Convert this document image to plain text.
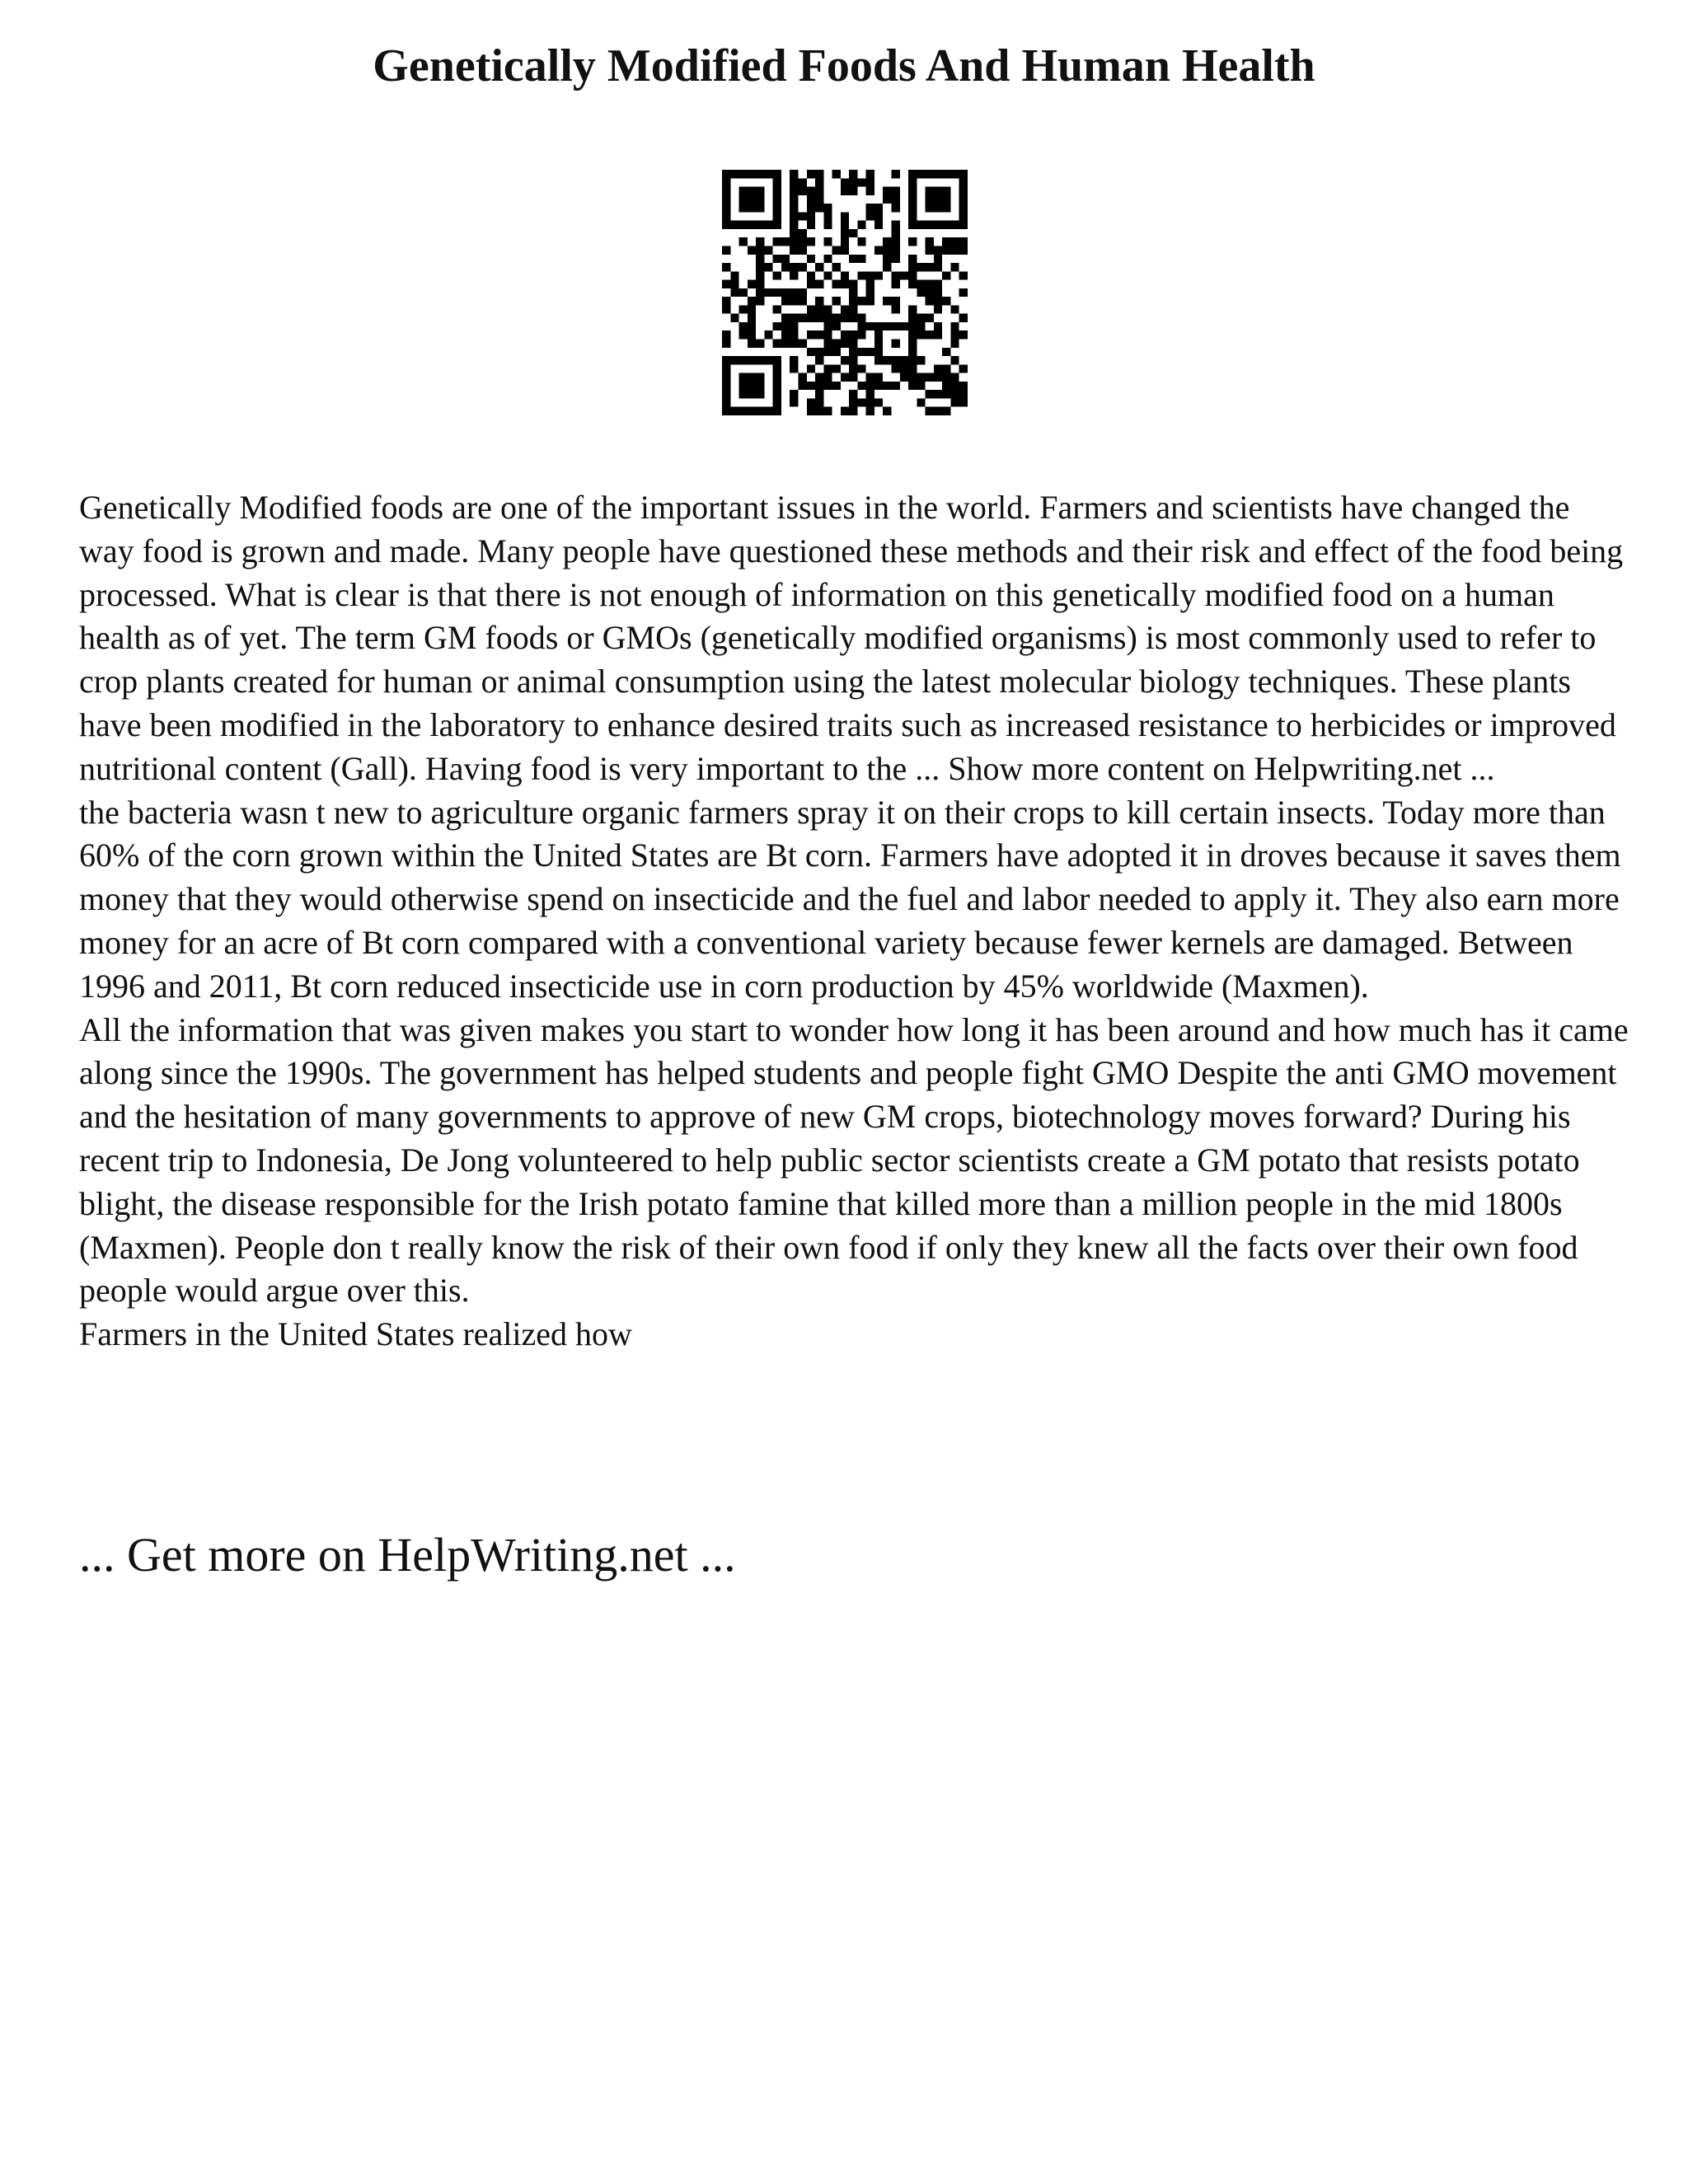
Genetically Modified Foods And Human Health

Genetically Modified foods are one of the important issues in the world. Farmers and scientists have changed the way food is grown and made. Many people have questioned these methods and their risk and effect of the food being processed. What is clear is that there is not enough of information on this genetically modified food on a human health as of yet. The term GM foods or GMOs (genetically modified organisms) is most commonly used to refer to crop plants created for human or animal consumption using the latest molecular biology techniques. These plants have been modified in the laboratory to enhance desired traits such as increased resistance to herbicides or improved nutritional content (Gall). Having food is very important to the ... Show more content on Helpwriting.net ...

the bacteria wasn t new to agriculture organic farmers spray it on their crops to kill certain insects. Today more than 60% of the corn grown within the United States are Bt corn. Farmers have adopted it in droves because it saves them money that they would otherwise spend on insecticide and the fuel and labor needed to apply it. They also earn more money for an acre of Bt corn compared with a conventional variety because fewer kernels are damaged. Between 1996 and 2011, Bt corn reduced insecticide use in corn production by 45% worldwide (Maxmen).

All the information that was given makes you start to wonder how long it has been around and how much has it came along since the 1990s. The government has helped students and people fight GMO Despite the anti GMO movement and the hesitation of many governments to approve of new GM crops, biotechnology moves forward? During his recent trip to Indonesia, De Jong volunteered to help public sector scientists create a GM potato that resists potato blight, the disease responsible for the Irish potato famine that killed more than a million people in the mid 1800s (Maxmen). People don t really know the risk of their own food if only they knew all the facts over their own food people would argue over this.

Farmers in the United States realized how

... Get more on HelpWriting.net ...
